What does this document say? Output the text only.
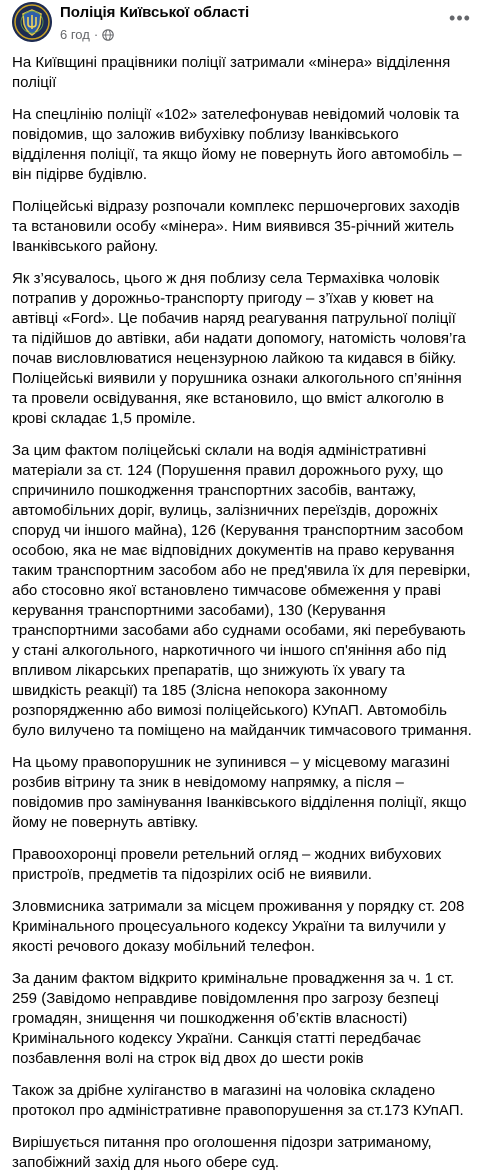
Поліція Київської області
6 год ·
•••

На Київщині працівники поліції затримали «мінера» відділення поліції

На спецлінію поліції «102» зателефонував невідомий чоловік та повідомив, що заложив вибухівку поблизу Іванківського відділення поліції, та якщо йому не повернуть його автомобіль – він підірве будівлю.

Поліцейські відразу розпочали комплекс першочергових заходів та встановили особу «мінера». Ним виявився 35-річний житель Іванківського району.

Як з’ясувалось, цього ж дня поблизу села Термахівка чоловік потрапив у дорожньо-транспорту пригоду – з’їхав у кювет на автівці «Ford». Це побачив наряд реагування патрульної поліції та підійшов до автівки, аби надати допомогу, натомість чоловя’га почав висловлюватися нецензурною лайкою та кидався в бійку. Поліцейські виявили у порушника ознаки алкогольного сп’яніння та провели освідування, яке встановило, що вміст алкоголю в крові складає 1,5 проміле.

За цим фактом поліцейські склали на водія адміністративні матеріали за ст. 124 (Порушення правил дорожнього руху, що спричинило пошкодження транспортних засобів, вантажу, автомобільних доріг, вулиць, залізничних переїздів, дорожніх споруд чи іншого майна), 126 (Керування транспортним засобом особою, яка не має відповідних документів на право керування таким транспортним засобом або не пред'явила їх для перевірки, або стосовно якої встановлено тимчасове обмеження у праві керування транспортними засобами), 130 (Керування транспортними засобами або суднами особами, які перебувають у стані алкогольного, наркотичного чи іншого сп'яніння або під впливом лікарських препаратів, що знижують їх увагу та швидкість реакції) та 185 (Злісна непокора законному розпорядженню або вимозі поліцейського) КУпАП. Автомобіль було вилучено та поміщено на майданчик тимчасового тримання.

На цьому правопорушник не зупинився – у місцевому магазині розбив вітрину та зник в невідомому напрямку, а після – повідомив про замінування Іванківського відділення поліції, якщо йому не повернуть автівку.

Правоохоронці провели ретельний огляд – жодних вибухових пристроїв, предметів та підозрілих осіб не виявили.

Зловмисника затримали за місцем проживання у порядку ст. 208 Кримінального процесуального кодексу України та вилучили у якості речового доказу мобільний телефон.

За даним фактом відкрито кримінальне провадження за ч. 1 ст. 259 (Завідомо неправдиве повідомлення про загрозу безпеці громадян, знищення чи пошкодження об’єктів власності) Кримінального кодексу України. Санкція статті передбачає позбавлення волі на строк від двох до шести років

Також за дрібне хуліганство в магазині на чоловіка складено протокол про адміністративне правопорушення за ст.173 КУпАП.

Вирішується питання про оголошення підозри затриманому, запобіжний захід для нього обере суд.
